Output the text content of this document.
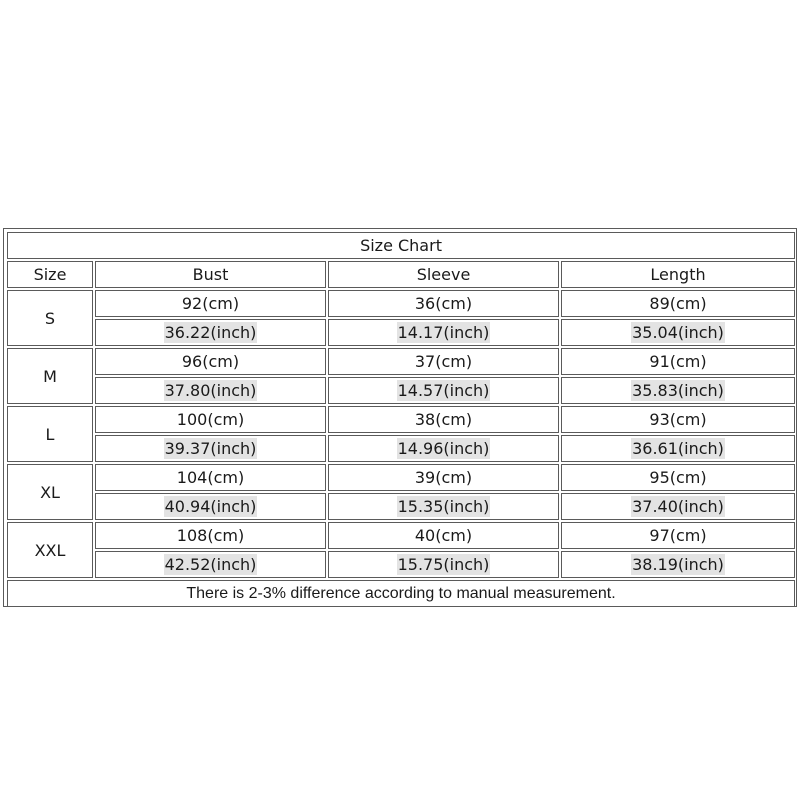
Size Chart			
Size	Bust	Sleeve	Length
S	92(cm)	36(cm)	89(cm)
	36.22(inch)	14.17(inch)	35.04(inch)
M	96(cm)	37(cm)	91(cm)
	37.80(inch)	14.57(inch)	35.83(inch)
L	100(cm)	38(cm)	93(cm)
	39.37(inch)	14.96(inch)	36.61(inch)
XL	104(cm)	39(cm)	95(cm)
	40.94(inch)	15.35(inch)	37.40(inch)
XXL	108(cm)	40(cm)	97(cm)
	42.52(inch)	15.75(inch)	38.19(inch)
There is 2-3% difference according to manual measurement.			
